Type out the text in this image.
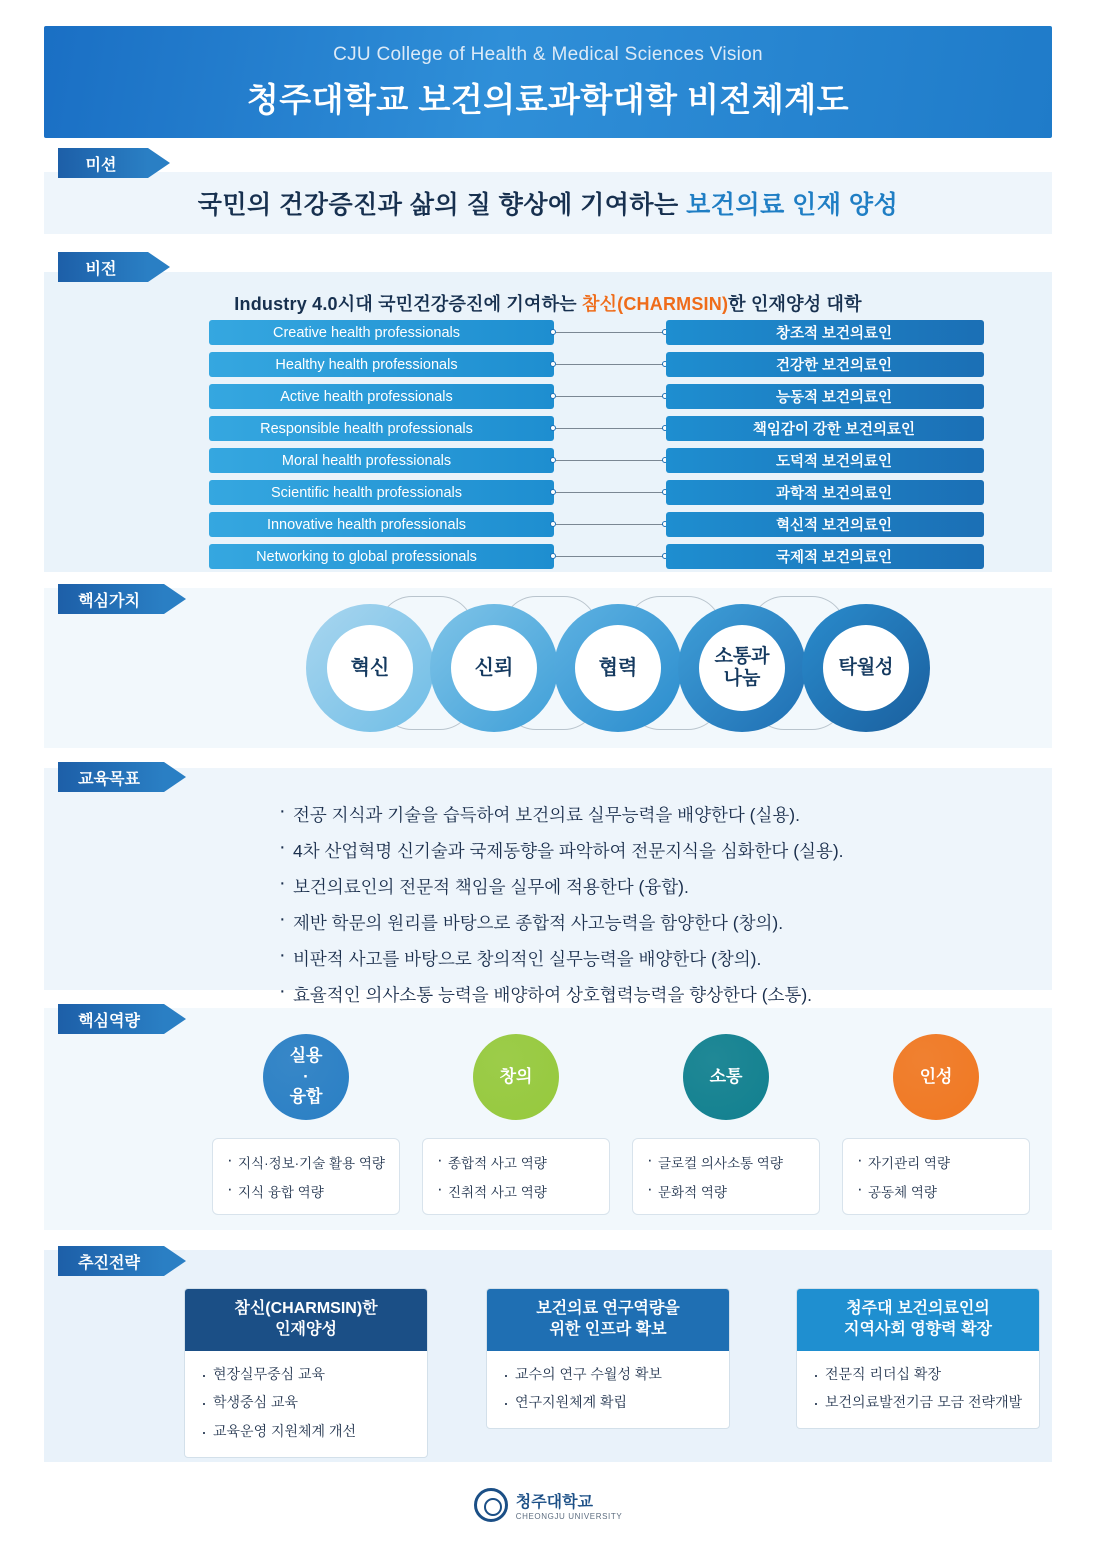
CJU College of Health & Medical Sciences Vision
청주대학교 보건의료과학대학 비전체계도
미션
국민의 건강증진과 삶의 질 향상에 기여하는 보건의료 인재 양성
비전
Industry 4.0시대 국민건강증진에 기여하는 참신(CHARMSIN)한 인재양성 대학
Creative health professionals	창조적 보건의료인
Healthy health professionals	건강한 보건의료인
Active health professionals	능동적 보건의료인
Responsible health professionals	책임감이 강한 보건의료인
Moral health professionals	도덕적 보건의료인
Scientific health professionals	과학적 보건의료인
Innovative health professionals	혁신적 보건의료인
Networking to global professionals	국제적 보건의료인
핵심가치
혁신	신뢰	협력	소통과
나눔
탁월성
교육목표
· 전공 지식과 기술을 습득하여 보건의료 실무능력을 배양한다 (실용).
· 4차 산업혁명 신기술과 국제동향을 파악하여 전문지식을 심화한다 (실용).
· 보건의료인의 전문적 책임을 실무에 적용한다 (융합).
· 제반 학문의 원리를 바탕으로 종합적 사고능력을 함양한다 (창의).
· 비판적 사고를 바탕으로 창의적인 실무능력을 배양한다 (창의).
· 효율적인 의사소통 능력을 배양하여 상호협력능력을 향상한다 (소통).
·
핵심역량
실용
·
융합
· 지식·정보·기술 활용 역량
· 지식 융합 역량
창의
· 종합적 사고 역량
· 진취적 사고 역량
소통
· 글로컬 의사소통 역량
· 문화적 역량
인성
· 자기관리 역량
· 공동체 역량
추진전략
참신(CHARMSIN)한
인재양성
· 현장실무중심 교육
· 학생중심 교육
· 교육운영 지원체계 개선
보건의료 연구역량을
위한 인프라 확보
· 교수의 연구 수월성 확보
· 연구지원체계 확립
청주대 보건의료인의
지역사회 영향력 확장
· 전문직 리더십 확장
· 보건의료발전기금 모금 전략개발
청주대학교
CHEONGJU UNIVERSITY
